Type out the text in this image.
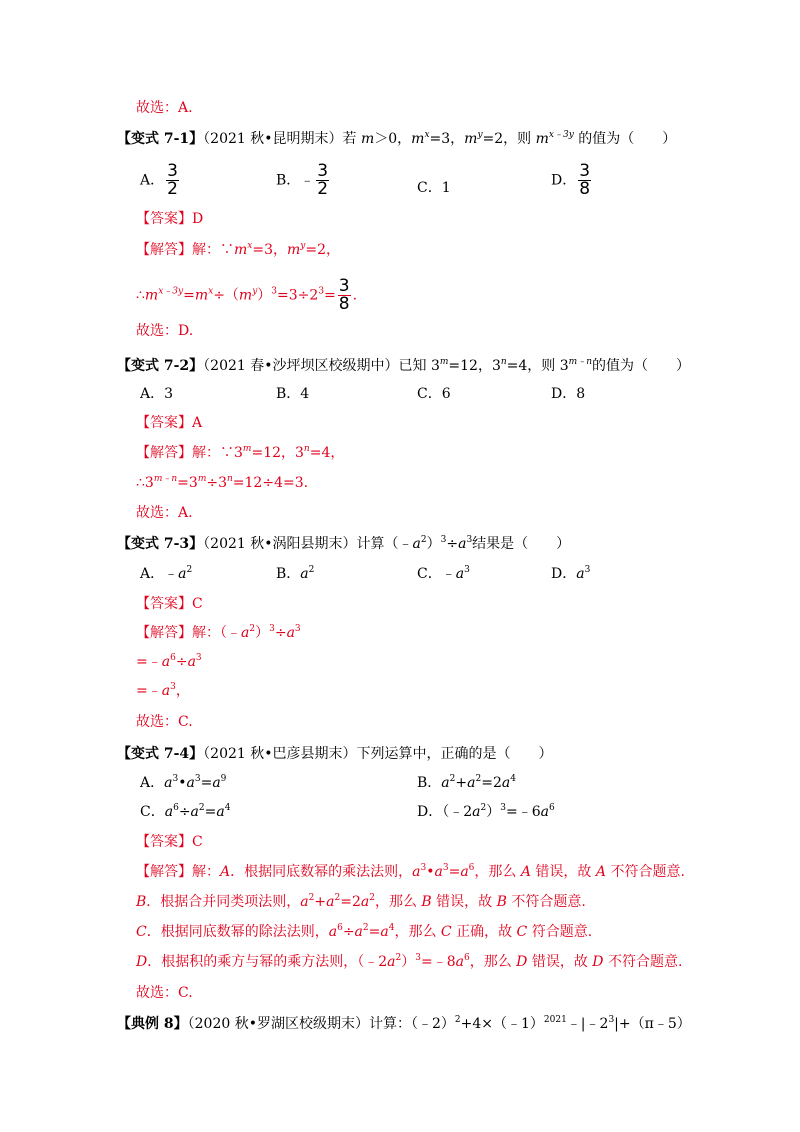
故选：A.
【变式 7-1】（2021 秋•昆明期末）若 m＞0，$m^x=3$，$m^y=2$，则 $m^{x﹣3y}$ 的值为（　　）
A． $\frac{3}{2}$	B．﹣ $\frac{3}{2}$	C．1	D． $\frac{3}{8}$
【答案】D
【解答】解：$\because m^x=3$，$m^y=2$，
$\therefore m^{x﹣3y}=m^x\div(m^y)^3=3\div 2^3= \frac{3}{8}$ .
故选：D.
【变式 7-2】（2021 春•沙坪坝区校级期中）已知 $3^m=12$，$3^n=4$，则 $3^{m﹣n}$的值为（　　）
A．3	B．4	C．6	D．8
【答案】A
【解答】解：$\because 3^m=12$，$3^n=4$，
$\therefore 3^{m﹣n}=3^m\div 3^n=12\div 4=3$.
故选：A.
【变式 7-3】（2021 秋•涡阳县期末）计算$(﹣a^2)^3\div a^3$结果是（　　）
A．$﹣a^2$	B．$a^2$	C．$﹣a^3$	D．$a^3$
【答案】C
【解答】解：$(﹣a^2)^3\div a^3$
$=﹣a^6\div a^3$
$=﹣a^3$，
故选：C.
【变式 7-4】（2021 秋•巴彦县期末）下列运算中，正确的是（　　）
A．$a^3•a^3=a^9$	B．$a^2+a^2=2a^4$
C．$a^6\div a^2=a^4$	D．$(﹣2a^2)^3=﹣6a^6$
【答案】C
【解答】解：A．根据同底数幂的乘法法则，$a^3•a^3=a^6$，那么 A 错误，故 A 不符合题意.
B．根据合并同类项法则，$a^2+a^2=2a^2$，那么 B 错误，故 B 不符合题意.
C．根据同底数幂的除法法则，$a^6\div a^2=a^4$，那么 C 正确，故 C 符合题意.
D．根据积的乘方与幂的乘方法则，$(﹣2a^2)^3=﹣8a^6$，那么 D 错误，故 D 不符合题意.
故选：C.
【典例 8】（2020 秋•罗湖区校级期末）计算：$(﹣2)^2+4\times(﹣1)^{2021}﹣|﹣2^3|+(\pi﹣5)$
